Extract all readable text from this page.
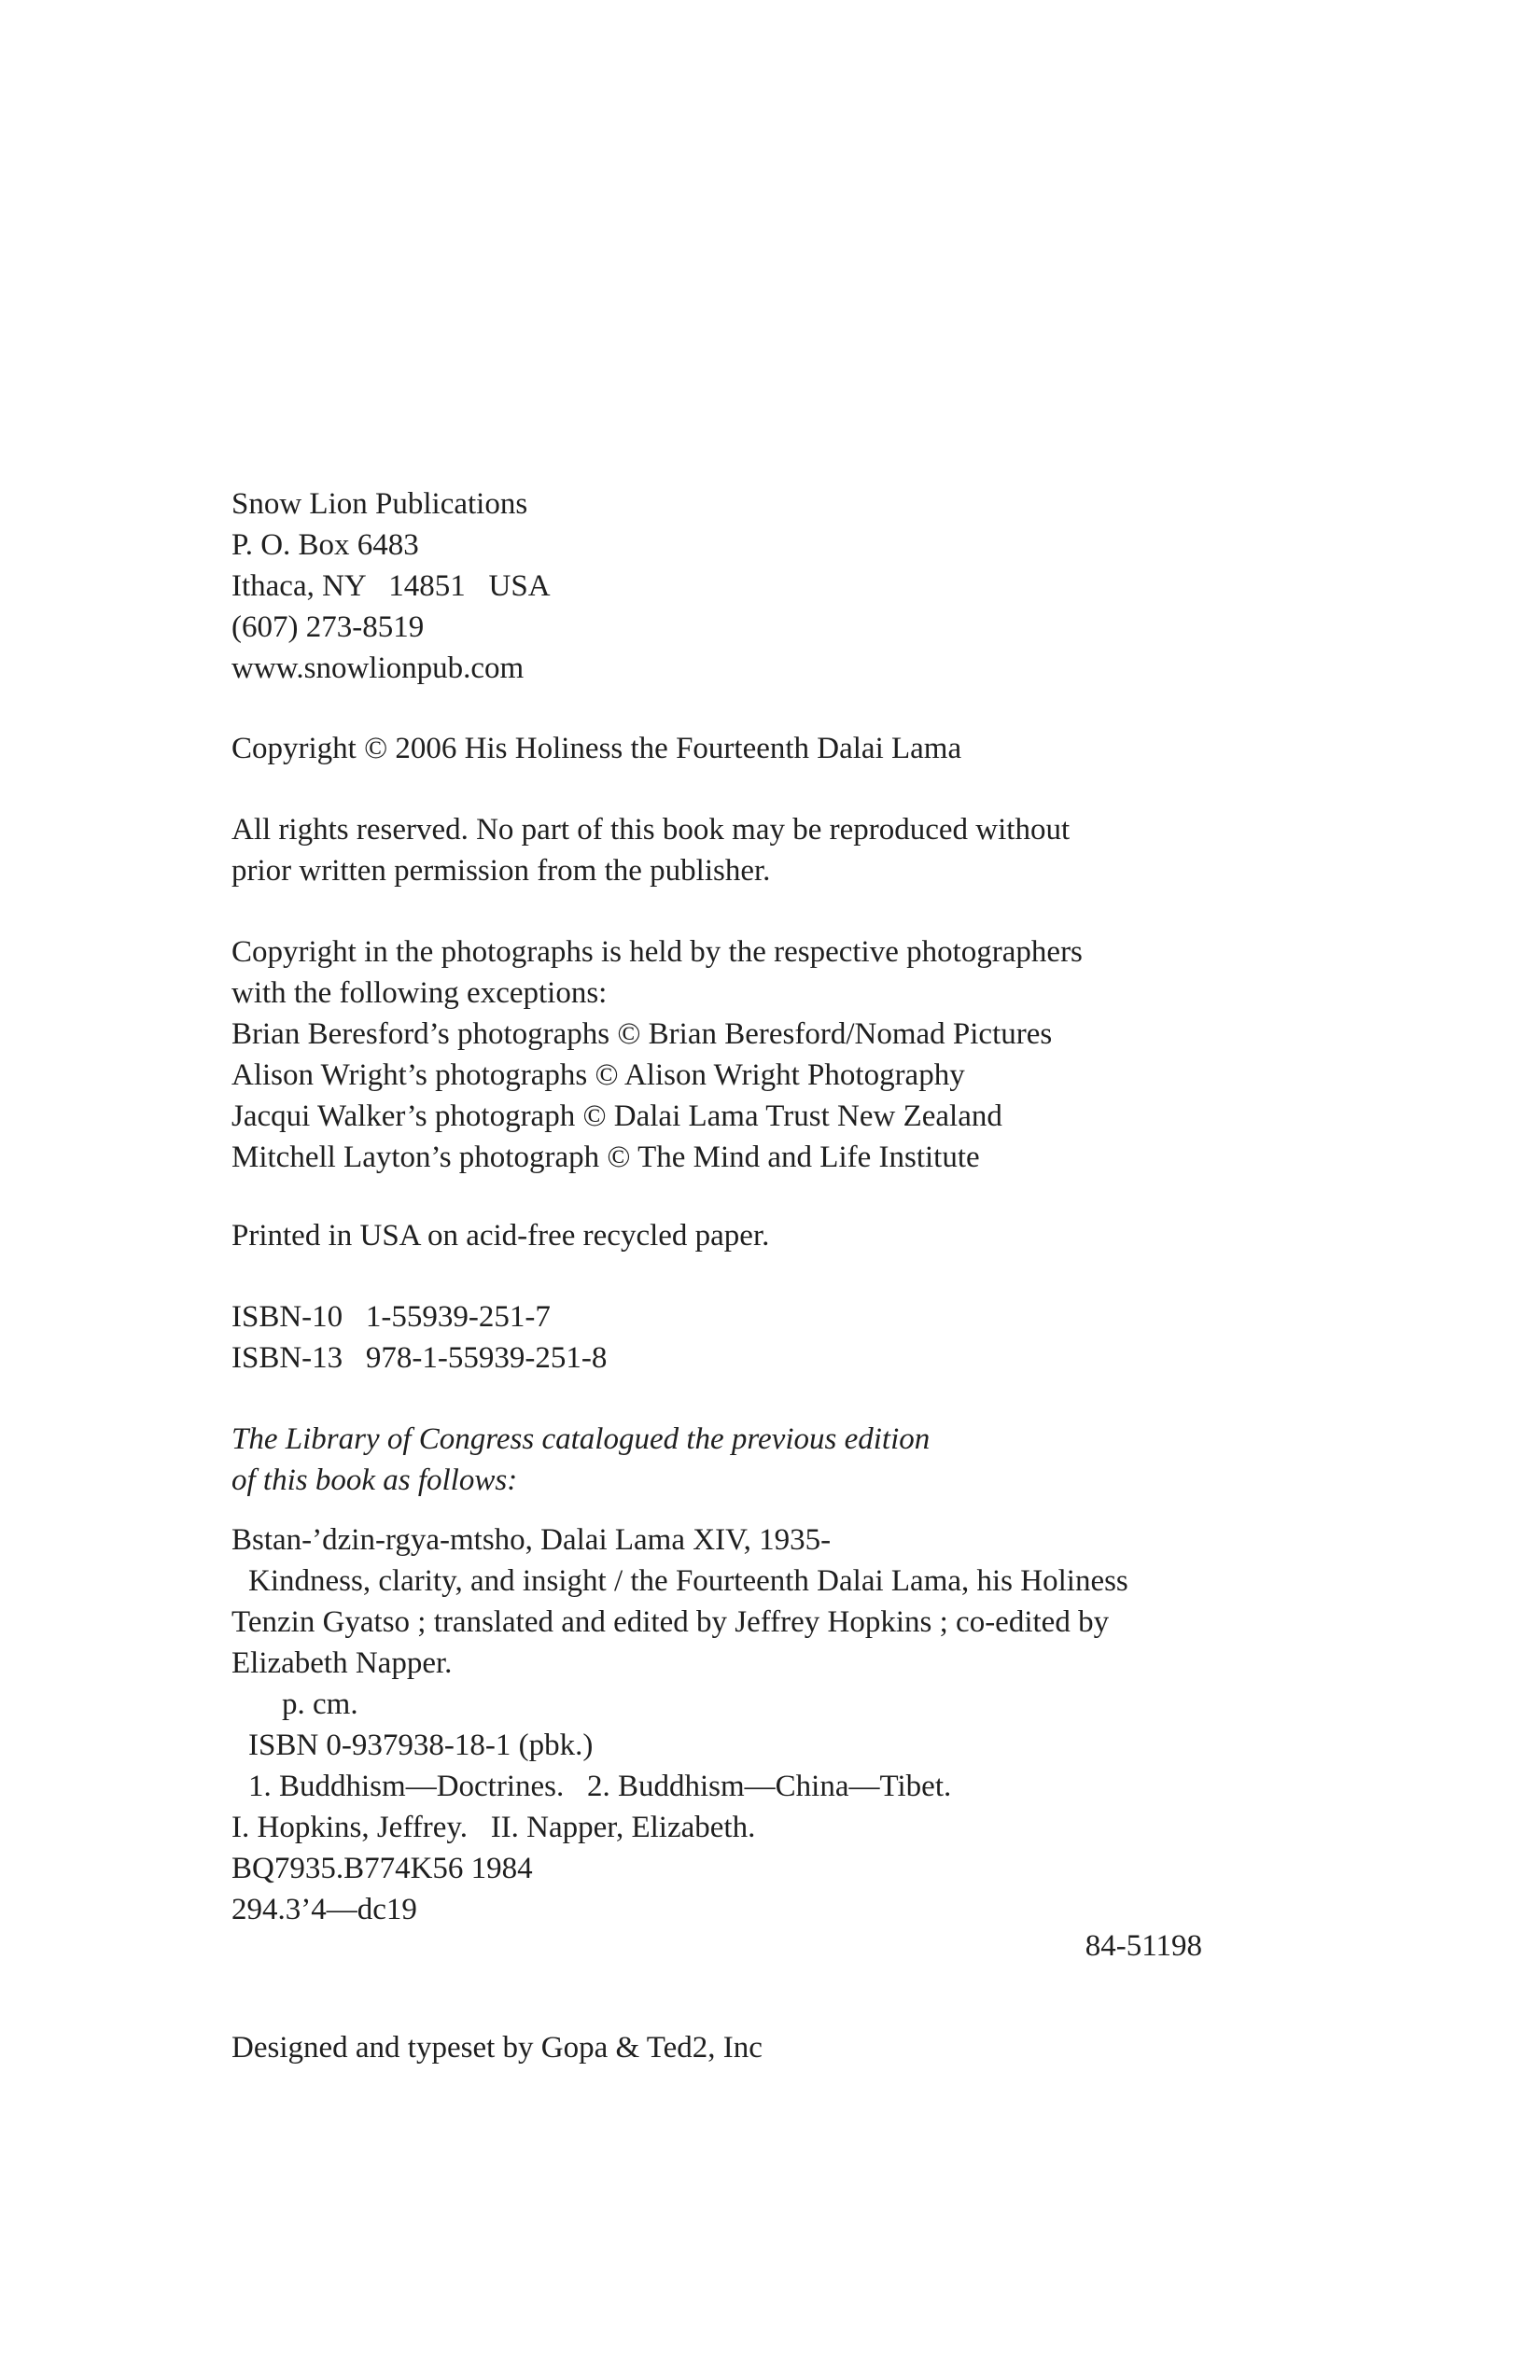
Snow Lion Publications
P. O. Box 6483
Ithaca, NY   14851   USA
(607) 273-8519
www.snowlionpub.com
Copyright © 2006 His Holiness the Fourteenth Dalai Lama
All rights reserved. No part of this book may be reproduced without
prior written permission from the publisher.
Copyright in the photographs is held by the respective photographers
with the following exceptions:
Brian Beresford’s photographs © Brian Beresford/Nomad Pictures
Alison Wright’s photographs © Alison Wright Photography
Jacqui Walker’s photograph © Dalai Lama Trust New Zealand
Mitchell Layton’s photograph © The Mind and Life Institute
Printed in USA on acid-free recycled paper.
ISBN-10   1-55939-251-7
ISBN-13   978-1-55939-251-8
The Library of Congress catalogued the previous edition
of this book as follows:
Bstan-’dzin-rgya-mtsho, Dalai Lama XIV, 1935-
Kindness, clarity, and insight / the Fourteenth Dalai Lama, his Holiness
Tenzin Gyatso ; translated and edited by Jeffrey Hopkins ; co-edited by
Elizabeth Napper.
p. cm.
ISBN 0-937938-18-1 (pbk.)
1. Buddhism—Doctrines.   2. Buddhism—China—Tibet.
I. Hopkins, Jeffrey.   II. Napper, Elizabeth.
BQ7935.B774K56 1984
294.3’4—dc19
84-51198
Designed and typeset by Gopa & Ted2, Inc
